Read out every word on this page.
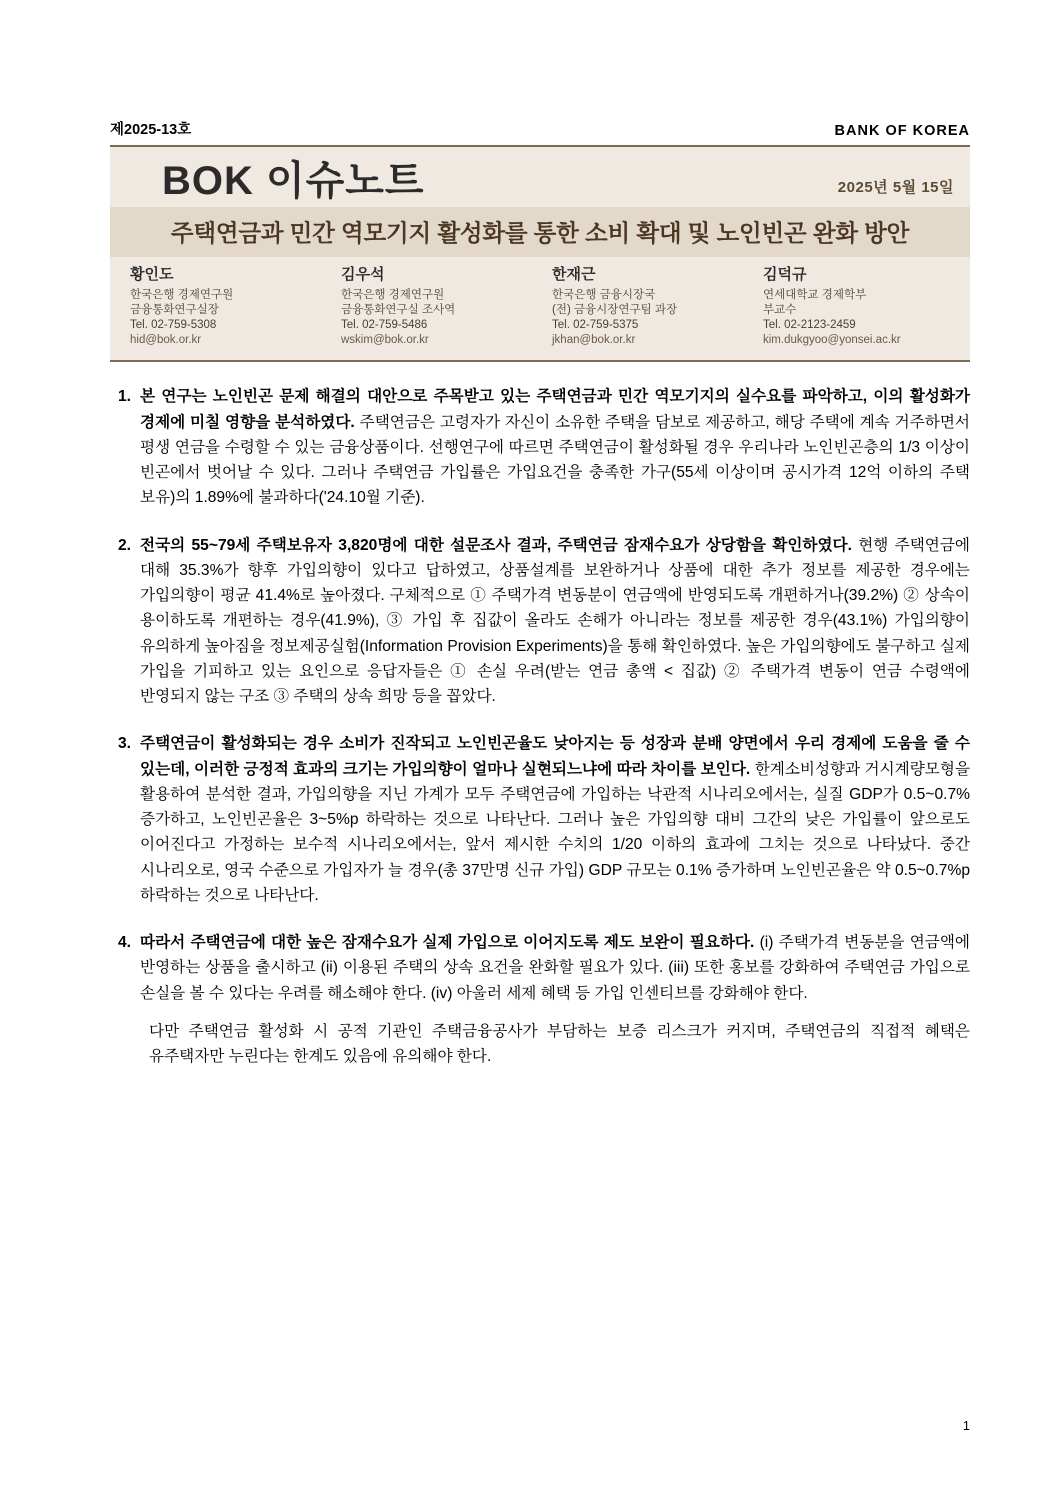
제2025-13호	BANK OF KOREA
BOK 이슈노트	2025년 5월 15일
주택연금과 민간 역모기지 활성화를 통한 소비 확대 및 노인빈곤 완화 방안
황인도
한국은행 경제연구원
금융통화연구실장
Tel. 02-759-5308
hid@bok.or.kr
김우석
한국은행 경제연구원
금융통화연구실 조사역
Tel. 02-759-5486
wskim@bok.or.kr
한재근
한국은행 금융시장국
(전) 금융시장연구팀 과장
Tel. 02-759-5375
jkhan@bok.or.kr
김덕규
연세대학교 경제학부
부교수
Tel. 02-2123-2459
kim.dukgyoo@yonsei.ac.kr
1. 본 연구는 노인빈곤 문제 해결의 대안으로 주목받고 있는 주택연금과 민간 역모기지의 실수요를 파악하고, 이의 활성화가 경제에 미칠 영향을 분석하였다. 주택연금은 고령자가 자신이 소유한 주택을 담보로 제공하고, 해당 주택에 계속 거주하면서 평생 연금을 수령할 수 있는 금융상품이다. 선행연구에 따르면 주택연금이 활성화될 경우 우리나라 노인빈곤층의 1/3 이상이 빈곤에서 벗어날 수 있다. 그러나 주택연금 가입률은 가입요건을 충족한 가구(55세 이상이며 공시가격 12억 이하의 주택 보유)의 1.89%에 불과하다('24.10월 기준).
2. 전국의 55~79세 주택보유자 3,820명에 대한 설문조사 결과, 주택연금 잠재수요가 상당함을 확인하였다. 현행 주택연금에 대해 35.3%가 향후 가입의향이 있다고 답하였고, 상품설계를 보완하거나 상품에 대한 추가 정보를 제공한 경우에는 가입의향이 평균 41.4%로 높아졌다. 구체적으로 ① 주택가격 변동분이 연금액에 반영되도록 개편하거나(39.2%) ② 상속이 용이하도록 개편하는 경우(41.9%), ③ 가입 후 집값이 올라도 손해가 아니라는 정보를 제공한 경우(43.1%) 가입의향이 유의하게 높아짐을 정보제공실험(Information Provision Experiments)을 통해 확인하였다. 높은 가입의향에도 불구하고 실제 가입을 기피하고 있는 요인으로 응답자들은 ① 손실 우려(받는 연금 총액 < 집값) ② 주택가격 변동이 연금 수령액에 반영되지 않는 구조 ③ 주택의 상속 희망 등을 꼽았다.
3. 주택연금이 활성화되는 경우 소비가 진작되고 노인빈곤율도 낮아지는 등 성장과 분배 양면에서 우리 경제에 도움을 줄 수 있는데, 이러한 긍정적 효과의 크기는 가입의향이 얼마나 실현되느냐에 따라 차이를 보인다. 한계소비성향과 거시계량모형을 활용하여 분석한 결과, 가입의향을 지닌 가계가 모두 주택연금에 가입하는 낙관적 시나리오에서는, 실질 GDP가 0.5~0.7% 증가하고, 노인빈곤율은 3~5%p 하락하는 것으로 나타난다. 그러나 높은 가입의향 대비 그간의 낮은 가입률이 앞으로도 이어진다고 가정하는 보수적 시나리오에서는, 앞서 제시한 수치의 1/20 이하의 효과에 그치는 것으로 나타났다. 중간 시나리오로, 영국 수준으로 가입자가 늘 경우(총 37만명 신규 가입) GDP 규모는 0.1% 증가하며 노인빈곤율은 약 0.5~0.7%p 하락하는 것으로 나타난다.
4. 따라서 주택연금에 대한 높은 잠재수요가 실제 가입으로 이어지도록 제도 보완이 필요하다. (i) 주택가격 변동분을 연금액에 반영하는 상품을 출시하고 (ii) 이용된 주택의 상속 요건을 완화할 필요가 있다. (iii) 또한 홍보를 강화하여 주택연금 가입으로 손실을 볼 수 있다는 우려를 해소해야 한다. (iv) 아울러 세제 혜택 등 가입 인센티브를 강화해야 한다.
다만 주택연금 활성화 시 공적 기관인 주택금융공사가 부담하는 보증 리스크가 커지며, 주택연금의 직접적 혜택은 유주택자만 누린다는 한계도 있음에 유의해야 한다.
1
